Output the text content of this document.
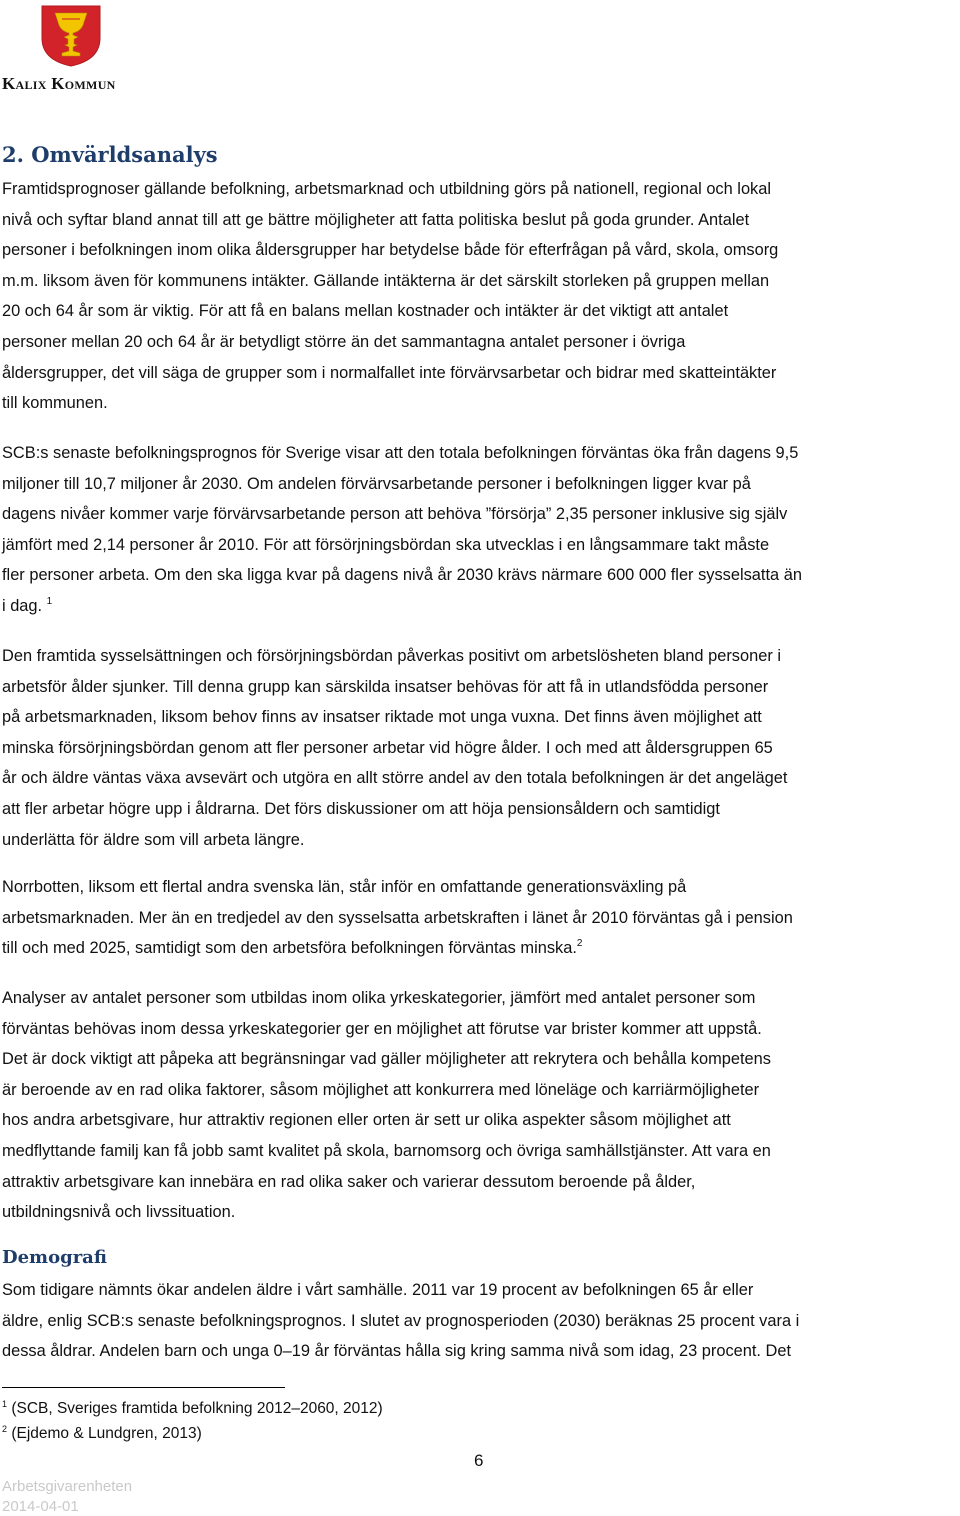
Kalix Kommun
2. Omvärldsanalys
Framtidsprognoser gällande befolkning, arbetsmarknad och utbildning görs på nationell, regional och lokal
nivå och syftar bland annat till att ge bättre möjligheter att fatta politiska beslut på goda grunder. Antalet
personer i befolkningen inom olika åldersgrupper har betydelse både för efterfrågan på vård, skola, omsorg
m.m. liksom även för kommunens intäkter. Gällande intäkterna är det särskilt storleken på gruppen mellan
20 och 64 år som är viktig. För att få en balans mellan kostnader och intäkter är det viktigt att antalet
personer mellan 20 och 64 år är betydligt större än det sammantagna antalet personer i övriga
åldersgrupper, det vill säga de grupper som i normalfallet inte förvärvsarbetar och bidrar med skatteintäkter
till kommunen.
SCB:s senaste befolkningsprognos för Sverige visar att den totala befolkningen förväntas öka från dagens 9,5
miljoner till 10,7 miljoner år 2030. Om andelen förvärvsarbetande personer i befolkningen ligger kvar på
dagens nivåer kommer varje förvärvsarbetande person att behöva ”försörja” 2,35 personer inklusive sig själv
jämfört med 2,14 personer år 2010. För att försörjningsbördan ska utvecklas i en långsammare takt måste
fler personer arbeta. Om den ska ligga kvar på dagens nivå år 2030 krävs närmare 600 000 fler sysselsatta än
i dag. $^1$
Den framtida sysselsättningen och försörjningsbördan påverkas positivt om arbetslösheten bland personer i
arbetsför ålder sjunker. Till denna grupp kan särskilda insatser behövas för att få in utlandsfödda personer
på arbetsmarknaden, liksom behov finns av insatser riktade mot unga vuxna. Det finns även möjlighet att
minska försörjningsbördan genom att fler personer arbetar vid högre ålder. I och med att åldersgruppen 65
år och äldre väntas växa avsevärt och utgöra en allt större andel av den totala befolkningen är det angeläget
att fler arbetar högre upp i åldrarna. Det förs diskussioner om att höja pensionsåldern och samtidigt
underlätta för äldre som vill arbeta längre.
Norrbotten, liksom ett flertal andra svenska län, står inför en omfattande generationsväxling på
arbetsmarknaden. Mer än en tredjedel av den sysselsatta arbetskraften i länet år 2010 förväntas gå i pension
till och med 2025, samtidigt som den arbetsföra befolkningen förväntas minska.$^2$
Analyser av antalet personer som utbildas inom olika yrkeskategorier, jämfört med antalet personer som
förväntas behövas inom dessa yrkeskategorier ger en möjlighet att förutse var brister kommer att uppstå.
Det är dock viktigt att påpeka att begränsningar vad gäller möjligheter att rekrytera och behålla kompetens
är beroende av en rad olika faktorer, såsom möjlighet att konkurrera med löneläge och karriärmöjligheter
hos andra arbetsgivare, hur attraktiv regionen eller orten är sett ur olika aspekter såsom möjlighet att
medflyttande familj kan få jobb samt kvalitet på skola, barnomsorg och övriga samhällstjänster. Att vara en
attraktiv arbetsgivare kan innebära en rad olika saker och varierar dessutom beroende på ålder,
utbildningsnivå och livssituation.
Demografi
Som tidigare nämnts ökar andelen äldre i vårt samhälle. 2011 var 19 procent av befolkningen 65 år eller
äldre, enlig SCB:s senaste befolkningsprognos. I slutet av prognosperioden (2030) beräknas 25 procent vara i
dessa åldrar. Andelen barn och unga 0–19 år förväntas hålla sig kring samma nivå som idag, 23 procent. Det
$^1$ (SCB, Sveriges framtida befolkning 2012–2060, 2012)
$^2$ (Ejdemo & Lundgren, 2013)
6
Arbetsgivarenheten
2014-04-01
